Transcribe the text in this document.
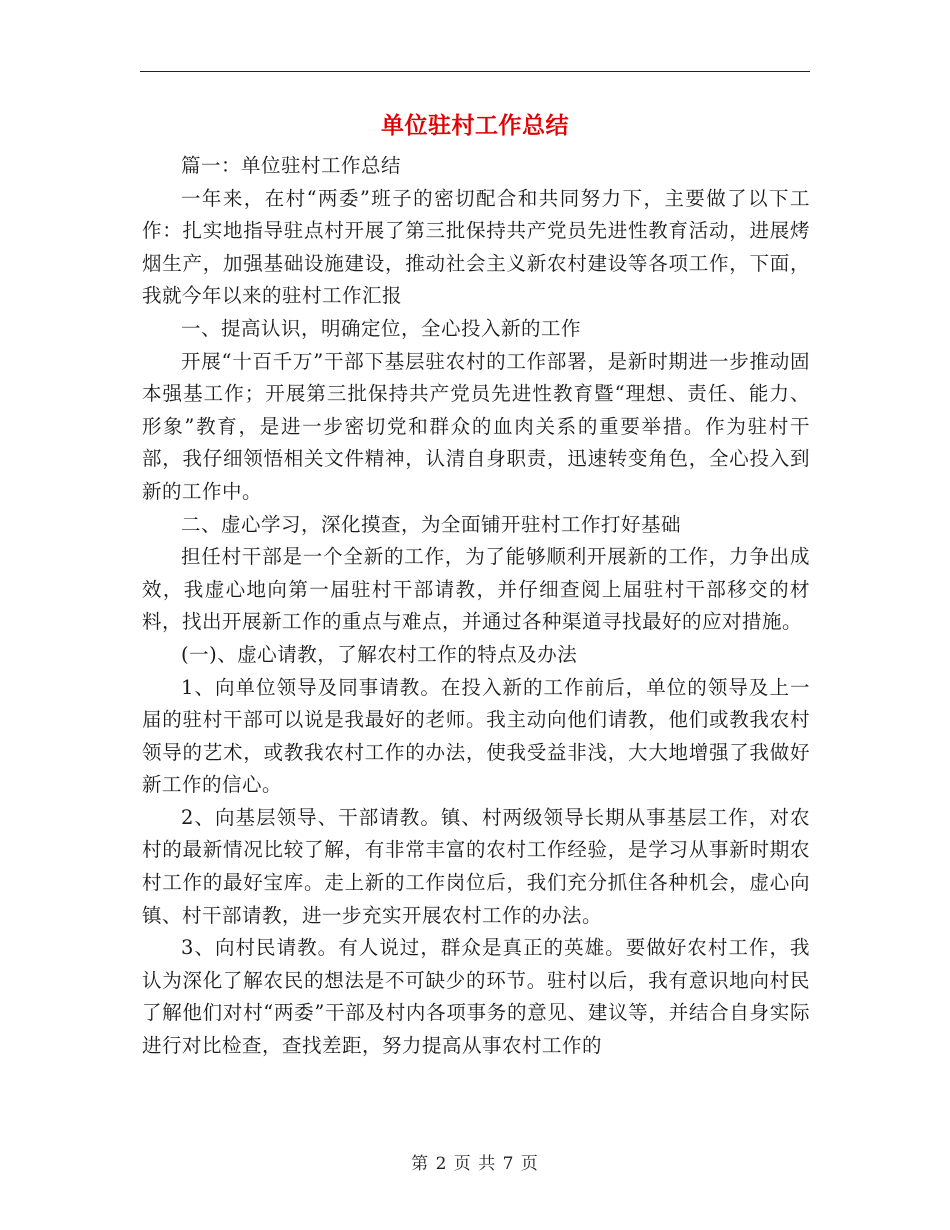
单位驻村工作总结

篇一：单位驻村工作总结

一年来，在村“两委”班子的密切配合和共同努力下，主要做了以下工作：扎实地指导驻点村开展了第三批保持共产党员先进性教育活动，进展烤烟生产，加强基础设施建设，推动社会主义新农村建设等各项工作，下面，我就今年以来的驻村工作汇报

一、提高认识，明确定位，全心投入新的工作

开展“十百千万”干部下基层驻农村的工作部署，是新时期进一步推动固本强基工作；开展第三批保持共产党员先进性教育暨“理想、责任、能力、形象”教育，是进一步密切党和群众的血肉关系的重要举措。作为驻村干部，我仔细领悟相关文件精神，认清自身职责，迅速转变角色，全心投入到新的工作中。

二、虚心学习，深化摸查，为全面铺开驻村工作打好基础

担任村干部是一个全新的工作，为了能够顺利开展新的工作，力争出成效，我虚心地向第一届驻村干部请教，并仔细查阅上届驻村干部移交的材料，找出开展新工作的重点与难点，并通过各种渠道寻找最好的应对措施。

(一)、虚心请教，了解农村工作的特点及办法

1、向单位领导及同事请教。在投入新的工作前后，单位的领导及上一届的驻村干部可以说是我最好的老师。我主动向他们请教，他们或教我农村领导的艺术，或教我农村工作的办法，使我受益非浅，大大地增强了我做好新工作的信心。

2、向基层领导、干部请教。镇、村两级领导长期从事基层工作，对农村的最新情况比较了解，有非常丰富的农村工作经验，是学习从事新时期农村工作的最好宝库。走上新的工作岗位后，我们充分抓住各种机会，虚心向镇、村干部请教，进一步充实开展农村工作的办法。

3、向村民请教。有人说过，群众是真正的英雄。要做好农村工作，我认为深化了解农民的想法是不可缺少的环节。驻村以后，我有意识地向村民了解他们对村“两委”干部及村内各项事务的意见、建议等，并结合自身实际进行对比检查，查找差距，努力提高从事农村工作的

第 2 页 共 7 页
